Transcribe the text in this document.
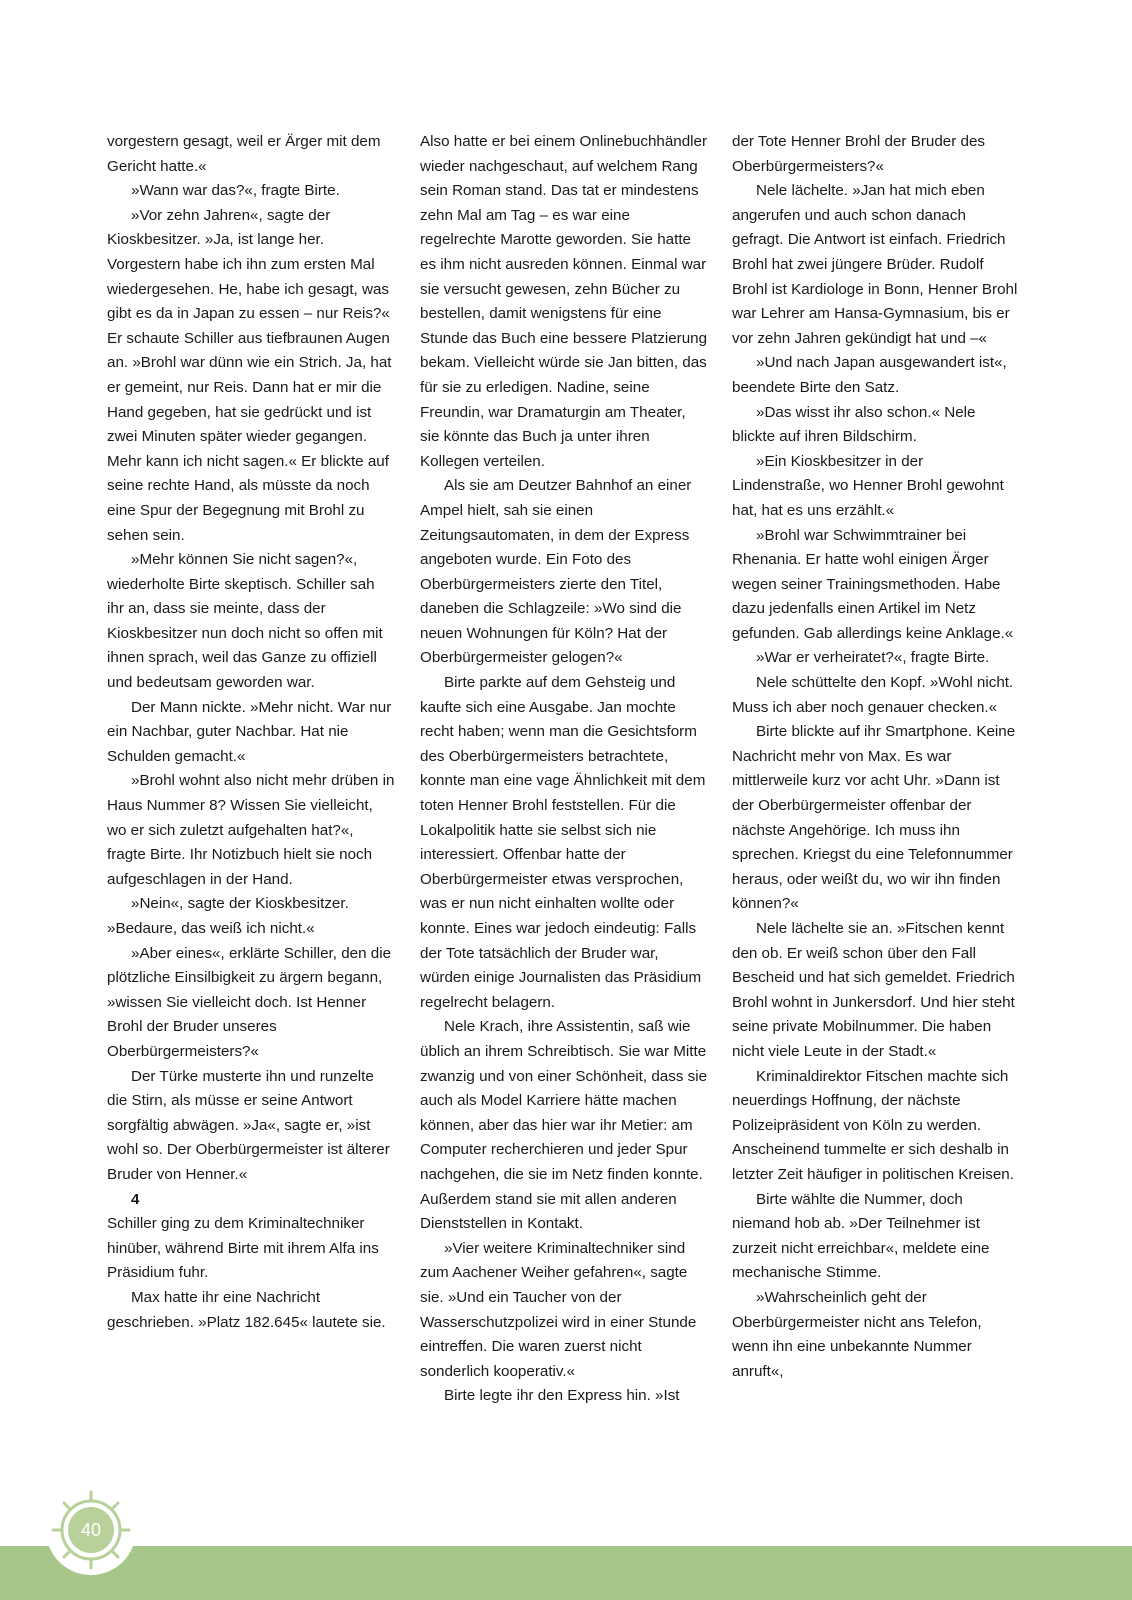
vorgestern gesagt, weil er Ärger mit dem Gericht hatte.«

»Wann war das?«, fragte Birte.

»Vor zehn Jahren«, sagte der Kioskbesitzer. »Ja, ist lange her. Vorgestern habe ich ihn zum ersten Mal wiedergesehen. He, habe ich gesagt, was gibt es da in Japan zu essen – nur Reis?« Er schaute Schiller aus tiefbraunen Augen an. »Brohl war dünn wie ein Strich. Ja, hat er gemeint, nur Reis. Dann hat er mir die Hand gegeben, hat sie gedrückt und ist zwei Minuten später wieder gegangen. Mehr kann ich nicht sagen.« Er blickte auf seine rechte Hand, als müsste da noch eine Spur der Begegnung mit Brohl zu sehen sein.

»Mehr können Sie nicht sagen?«, wiederholte Birte skeptisch. Schiller sah ihr an, dass sie meinte, dass der Kioskbesitzer nun doch nicht so offen mit ihnen sprach, weil das Ganze zu offiziell und bedeutsam geworden war.

Der Mann nickte. »Mehr nicht. War nur ein Nachbar, guter Nachbar. Hat nie Schulden gemacht.«

»Brohl wohnt also nicht mehr drüben in Haus Nummer 8? Wissen Sie vielleicht, wo er sich zuletzt aufgehalten hat?«, fragte Birte. Ihr Notizbuch hielt sie noch aufgeschlagen in der Hand.

»Nein«, sagte der Kioskbesitzer. »Bedaure, das weiß ich nicht.«

»Aber eines«, erklärte Schiller, den die plötzliche Einsilbigkeit zu ärgern begann, »wissen Sie vielleicht doch. Ist Henner Brohl der Bruder unseres Oberbürgermeisters?«

Der Türke musterte ihn und runzelte die Stirn, als müsse er seine Antwort sorgfältig abwägen. »Ja«, sagte er, »ist wohl so. Der Oberbürgermeister ist älterer Bruder von Henner.«

4

Schiller ging zu dem Kriminaltechniker hinüber, während Birte mit ihrem Alfa ins Präsidium fuhr.

Max hatte ihr eine Nachricht geschrieben. »Platz 182.645« lautete sie.

Also hatte er bei einem Onlinebuchhändler wieder nachgeschaut, auf welchem Rang sein Roman stand. Das tat er mindestens zehn Mal am Tag – es war eine regelrechte Marotte geworden. Sie hatte es ihm nicht ausreden können. Einmal war sie versucht gewesen, zehn Bücher zu bestellen, damit wenigstens für eine Stunde das Buch eine bessere Platzierung bekam. Vielleicht würde sie Jan bitten, das für sie zu erledigen. Nadine, seine Freundin, war Dramaturgin am Theater, sie könnte das Buch ja unter ihren Kollegen verteilen.

Als sie am Deutzer Bahnhof an einer Ampel hielt, sah sie einen Zeitungsautomaten, in dem der Express angeboten wurde. Ein Foto des Oberbürgermeisters zierte den Titel, daneben die Schlagzeile: »Wo sind die neuen Wohnungen für Köln? Hat der Oberbürgermeister gelogen?«

Birte parkte auf dem Gehsteig und kaufte sich eine Ausgabe. Jan mochte recht haben; wenn man die Gesichtsform des Oberbürgermeisters betrachtete, konnte man eine vage Ähnlichkeit mit dem toten Henner Brohl feststellen. Für die Lokalpolitik hatte sie selbst sich nie interessiert. Offenbar hatte der Oberbürgermeister etwas versprochen, was er nun nicht einhalten wollte oder konnte. Eines war jedoch eindeutig: Falls der Tote tatsächlich der Bruder war, würden einige Journalisten das Präsidium regelrecht belagern.

Nele Krach, ihre Assistentin, saß wie üblich an ihrem Schreibtisch. Sie war Mitte zwanzig und von einer Schönheit, dass sie auch als Model Karriere hätte machen können, aber das hier war ihr Metier: am Computer recherchieren und jeder Spur nachgehen, die sie im Netz finden konnte. Außerdem stand sie mit allen anderen Dienststellen in Kontakt.

»Vier weitere Kriminaltechniker sind zum Aachener Weiher gefahren«, sagte sie. »Und ein Taucher von der Wasserschutzpolizei wird in einer Stunde eintreffen. Die waren zuerst nicht sonderlich kooperativ.«

Birte legte ihr den Express hin. »Ist

der Tote Henner Brohl der Bruder des Oberbürgermeisters?«

Nele lächelte. »Jan hat mich eben angerufen und auch schon danach gefragt. Die Antwort ist einfach. Friedrich Brohl hat zwei jüngere Brüder. Rudolf Brohl ist Kardiologe in Bonn, Henner Brohl war Lehrer am Hansa-Gymnasium, bis er vor zehn Jahren gekündigt hat und –«

»Und nach Japan ausgewandert ist«, beendete Birte den Satz.

»Das wisst ihr also schon.« Nele blickte auf ihren Bildschirm.

»Ein Kioskbesitzer in der Lindenstraße, wo Henner Brohl gewohnt hat, hat es uns erzählt.«

»Brohl war Schwimmtrainer bei Rhenania. Er hatte wohl einigen Ärger wegen seiner Trainingsmethoden. Habe dazu jedenfalls einen Artikel im Netz gefunden. Gab allerdings keine Anklage.«

»War er verheiratet?«, fragte Birte.

Nele schüttelte den Kopf. »Wohl nicht. Muss ich aber noch genauer checken.«

Birte blickte auf ihr Smartphone. Keine Nachricht mehr von Max. Es war mittlerweile kurz vor acht Uhr. »Dann ist der Oberbürgermeister offenbar der nächste Angehörige. Ich muss ihn sprechen. Kriegst du eine Telefonnummer heraus, oder weißt du, wo wir ihn finden können?«

Nele lächelte sie an. »Fitschen kennt den ob. Er weiß schon über den Fall Bescheid und hat sich gemeldet. Friedrich Brohl wohnt in Junkersdorf. Und hier steht seine private Mobilnummer. Die haben nicht viele Leute in der Stadt.«

Kriminaldirektor Fitschen machte sich neuerdings Hoffnung, der nächste Polizeipräsident von Köln zu werden. Anscheinend tummelte er sich deshalb in letzter Zeit häufiger in politischen Kreisen.

Birte wählte die Nummer, doch niemand hob ab. »Der Teilnehmer ist zurzeit nicht erreichbar«, meldete eine mechanische Stimme.

»Wahrscheinlich geht der Oberbürgermeister nicht ans Telefon, wenn ihn eine unbekannte Nummer anruft«,

40
